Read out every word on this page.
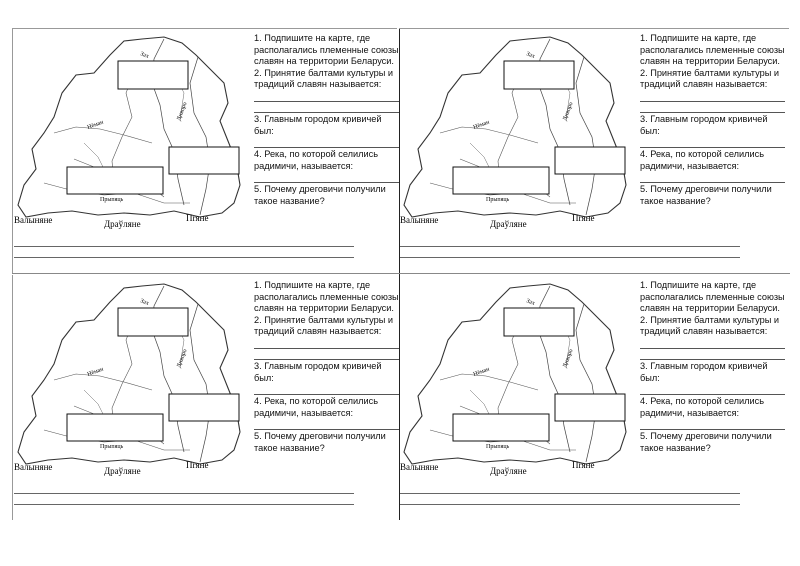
Валыняне	Драўляне
Пrяне
Прыпяць
Нёман
Зах
Дняпро

1. Подпишите на карте, где располагались племенные союзы славян на территории Беларуси.

2. Принятие балтами культуры и традиций славян называется:

3. Главным городом кривичей был:

4. Река, по которой селились радимичи, называется:

5. Почему дреговичи получили такое название?

Валыняне	Драўляне
Пrяне
Прыпяць
Нёман
Зах
Дняпро

1. Подпишите на карте, где располагались племенные союзы славян на территории Беларуси.

2. Принятие балтами культуры и традиций славян называется:

3. Главным городом кривичей был:

4. Река, по которой селились радимичи, называется:

5. Почему дреговичи получили такое название?

Валыняне	Драўляне
Пrяне
Прыпяць
Нёман
Зах
Дняпро

1. Подпишите на карте, где располагались племенные союзы славян на территории Беларуси.

2. Принятие балтами культуры и традиций славян называется:

3. Главным городом кривичей был:

4. Река, по которой селились радимичи, называется:

5. Почему дреговичи получили такое название?

Валыняне	Драўляне
Пrяне
Прыпяць
Нёман
Зах
Дняпро

1. Подпишите на карте, где располагались племенные союзы славян на территории Беларуси.

2. Принятие балтами культуры и традиций славян называется:

3. Главным городом кривичей был:

4. Река, по которой селились радимичи, называется:

5. Почему дреговичи получили такое название?
